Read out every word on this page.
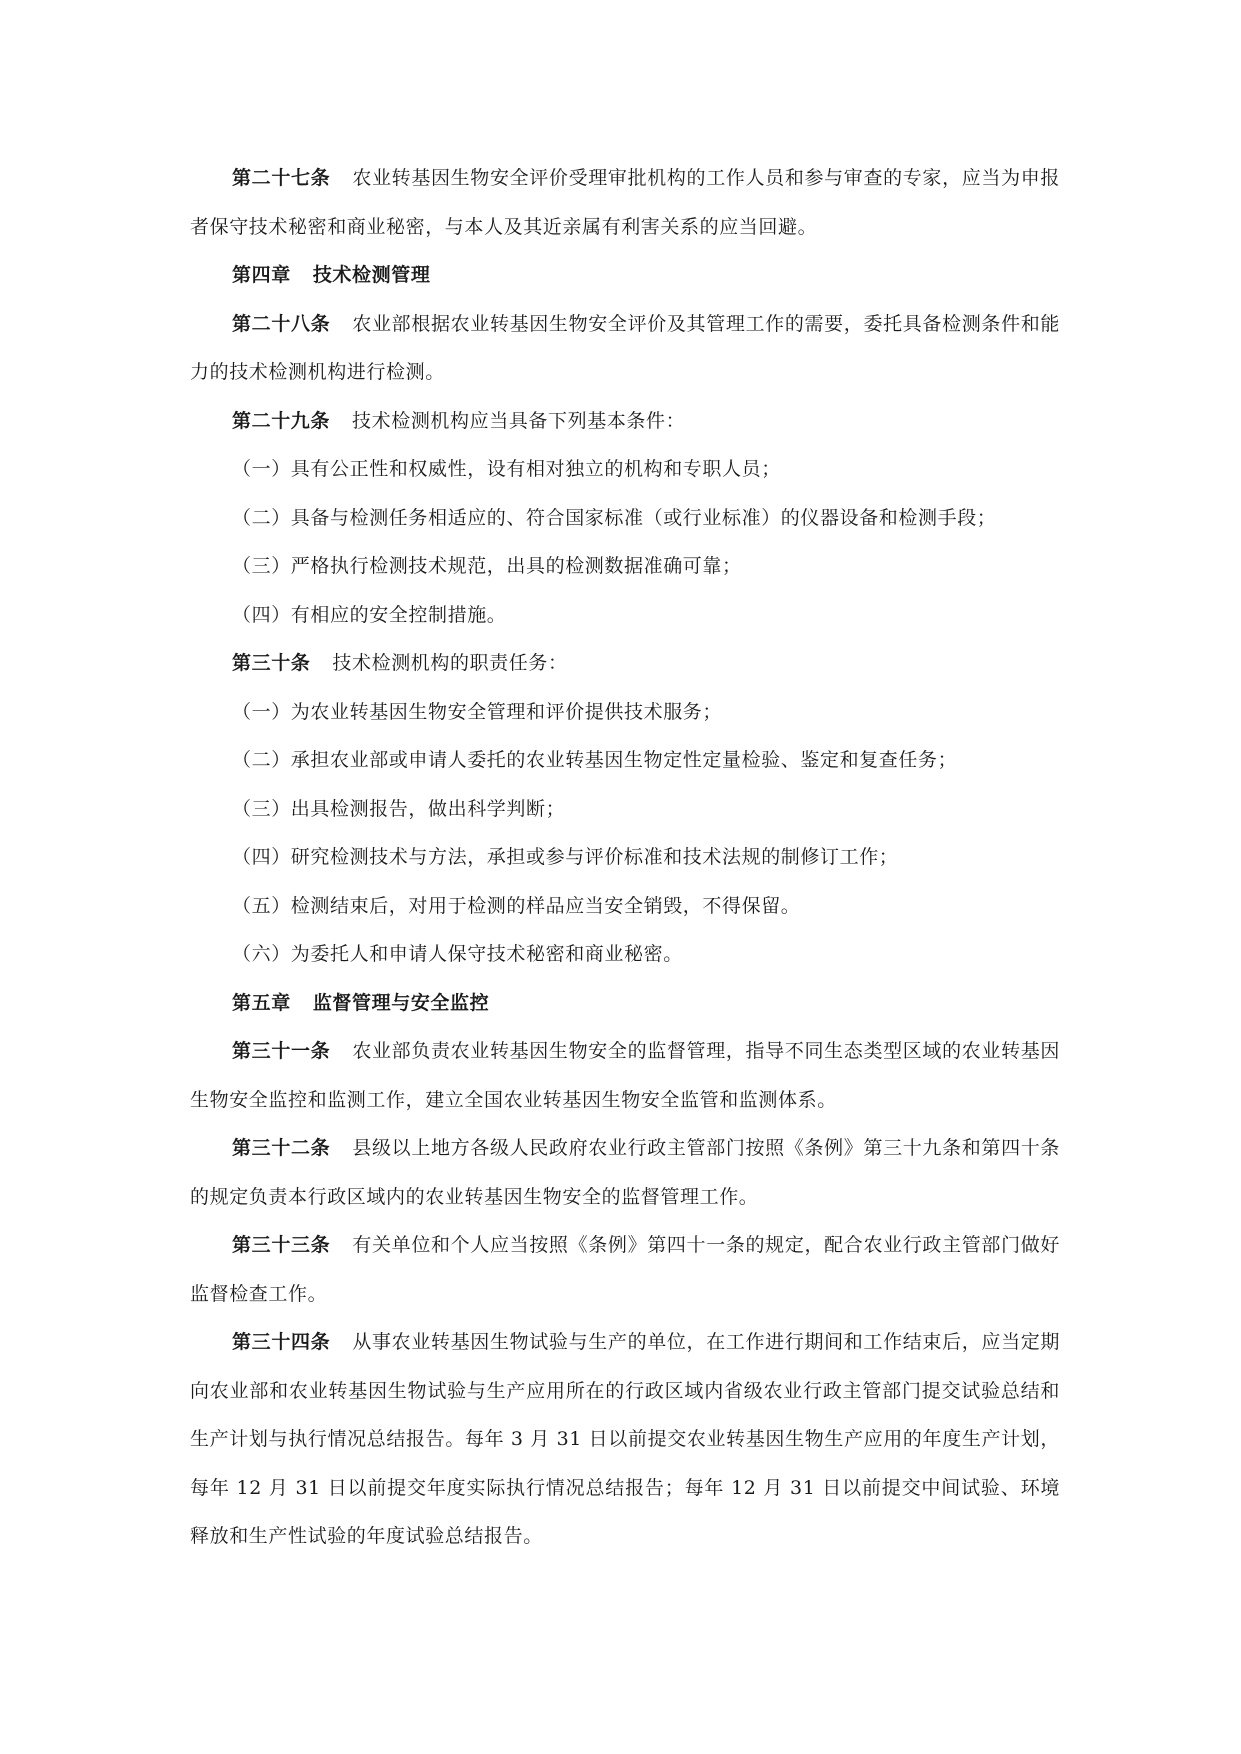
第二十七条 农业转基因生物安全评价受理审批机构的工作人员和参与审查的专家，应当为申报者保守技术秘密和商业秘密，与本人及其近亲属有利害关系的应当回避。

第四章 技术检测管理

第二十八条 农业部根据农业转基因生物安全评价及其管理工作的需要，委托具备检测条件和能力的技术检测机构进行检测。

第二十九条 技术检测机构应当具备下列基本条件：

（一）具有公正性和权威性，设有相对独立的机构和专职人员；

（二）具备与检测任务相适应的、符合国家标准（或行业标准）的仪器设备和检测手段；

（三）严格执行检测技术规范，出具的检测数据准确可靠；

（四）有相应的安全控制措施。

第三十条 技术检测机构的职责任务：

（一）为农业转基因生物安全管理和评价提供技术服务；

（二）承担农业部或申请人委托的农业转基因生物定性定量检验、鉴定和复查任务；

（三）出具检测报告，做出科学判断；

（四）研究检测技术与方法，承担或参与评价标准和技术法规的制修订工作；

（五）检测结束后，对用于检测的样品应当安全销毁，不得保留。

（六）为委托人和申请人保守技术秘密和商业秘密。

第五章 监督管理与安全监控

第三十一条 农业部负责农业转基因生物安全的监督管理，指导不同生态类型区域的农业转基因生物安全监控和监测工作，建立全国农业转基因生物安全监管和监测体系。

第三十二条 县级以上地方各级人民政府农业行政主管部门按照《条例》第三十九条和第四十条的规定负责本行政区域内的农业转基因生物安全的监督管理工作。

第三十三条 有关单位和个人应当按照《条例》第四十一条的规定，配合农业行政主管部门做好监督检查工作。

第三十四条 从事农业转基因生物试验与生产的单位，在工作进行期间和工作结束后，应当定期向农业部和农业转基因生物试验与生产应用所在的行政区域内省级农业行政主管部门提交试验总结和生产计划与执行情况总结报告。每年 3 月 31 日以前提交农业转基因生物生产应用的年度生产计划，每年 12 月 31 日以前提交年度实际执行情况总结报告；每年 12 月 31 日以前提交中间试验、环境释放和生产性试验的年度试验总结报告。
